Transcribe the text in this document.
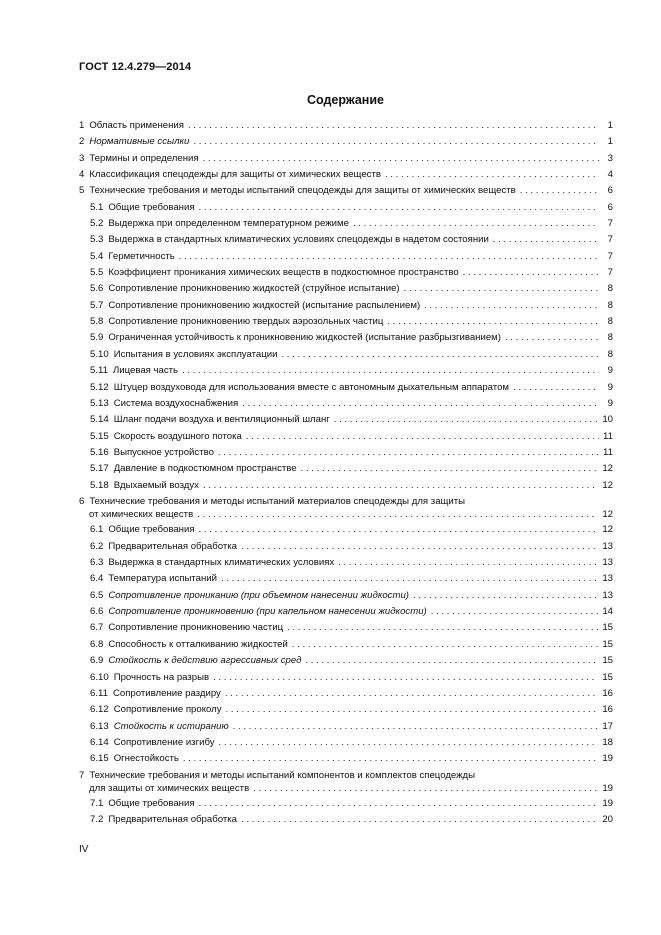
ГОСТ 12.4.279—2014
Содержание
1 Область применения . . .	1
2 Нормативные ссылки . . .	1
3 Термины и определения . . .	3
4 Классификация спецодежды для защиты от химических веществ . . .	4
5 Технические требования и методы испытаний спецодежды для защиты от химических веществ . . .	6
5.1 Общие требования . . .	6
5.2 Выдержка при определенном температурном режиме . . .	7
5.3 Выдержка в стандартных климатических условиях спецодежды в надетом состоянии . . .	7
5.4 Герметичность . . .	7
5.5 Коэффициент проникания химических веществ в подкостюмное пространство . . .	7
5.6 Сопротивление проникновению жидкостей (струйное испытание) . . .	8
5.7 Сопротивление проникновению жидкостей (испытание распылением) . . .	8
5.8 Сопротивление проникновению твердых аэрозольных частиц . . .	8
5.9 Ограниченная устойчивость к проникновению жидкостей (испытание разбрызгиванием) . . .	8
5.10 Испытания в условиях эксплуатации . . .	8
5.11 Лицевая часть . . .	9
5.12 Штуцер воздуховода для использования вместе с автономным дыхательным аппаратом . . .	9
5.13 Система воздухоснабжения . . .	9
5.14 Шланг подачи воздуха и вентиляционный шланг . . .	10
5.15 Скорость воздушного потока . . .	11
5.16 Выпускное устройство . . .	11
5.17 Давление в подкостюмном пространстве . . .	12
5.18 Вдыхаемый воздух . . .	12
6 Технические требования и методы испытаний материалов спецодежды для защиты
от химических веществ . . .	12
6.1 Общие требования . . .	12
6.2 Предварительная обработка . . .	13
6.3 Выдержка в стандартных климатических условиях . . .	13
6.4 Температура испытаний . . .	13
6.5 Сопротивление прониканию (при объемном нанесении жидкости) . . .	13
6.6 Сопротивление проникновению (при капельном нанесении жидкости) . . .	14
6.7 Сопротивление проникновению частиц . . .	15
6.8 Способность к отталкиванию жидкостей . . .	15
6.9 Стойкость к действию агрессивных сред . . .	15
6.10 Прочность на разрыв . . .	15
6.11 Сопротивление раздиру . . .	16
6.12 Сопротивление проколу . . .	16
6.13 Стойкость к истиранию . . .	17
6.14 Сопротивление изгибу . . .	18
6.15 Огнестойкость . . .	19
7 Технические требования и методы испытаний компонентов и комплектов спецодежды
для защиты от химических веществ . . .	19
7.1 Общие требования . . .	19
7.2 Предварительная обработка . . .	20
IV
